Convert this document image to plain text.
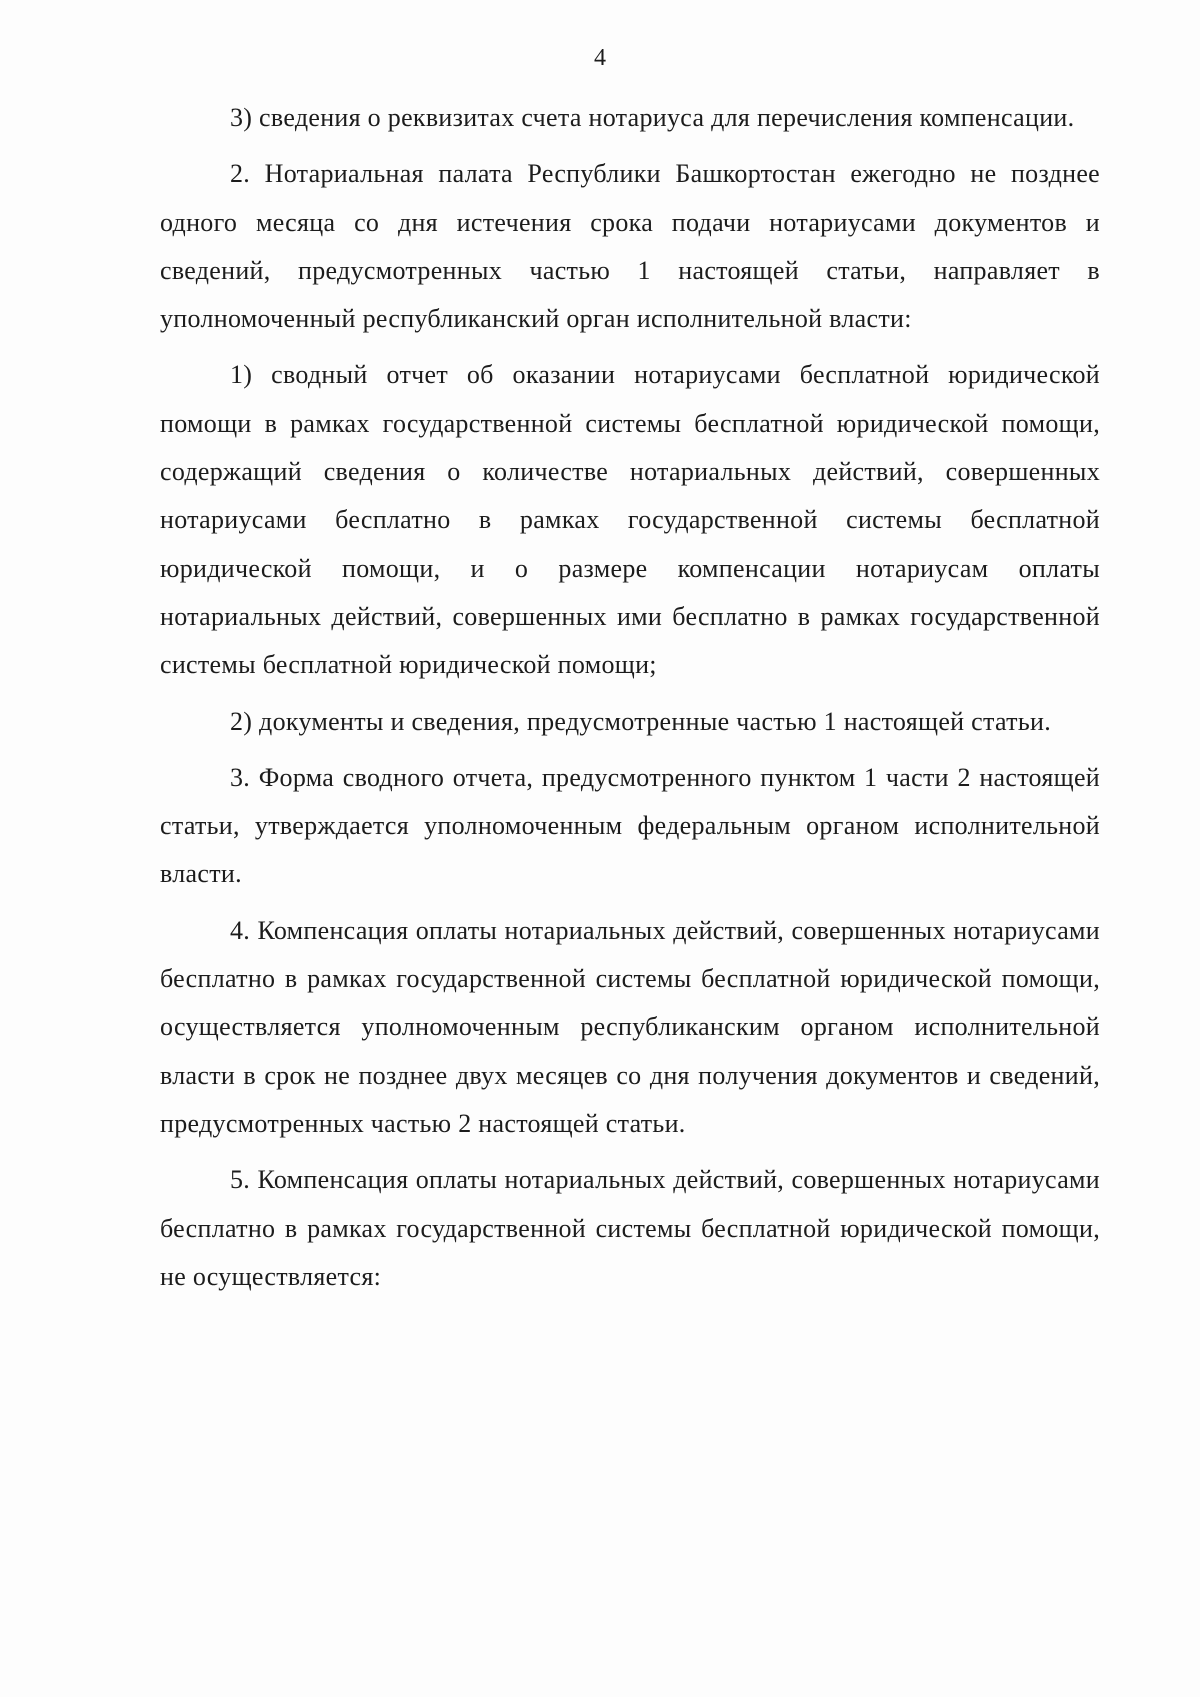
4

3) сведения о реквизитах счета нотариуса для перечисления компенсации.

2. Нотариальная палата Республики Башкортостан ежегодно не позднее одного месяца со дня истечения срока подачи нотариусами документов и сведений, предусмотренных частью 1 настоящей статьи, направляет в уполномоченный республиканский орган исполнительной власти:

1) сводный отчет об оказании нотариусами бесплатной юридической помощи в рамках государственной системы бесплатной юридической помощи, содержащий сведения о количестве нотариальных действий, совершенных нотариусами бесплатно в рамках государственной системы бесплатной юридической помощи, и о размере компенсации нотариусам оплаты нотариальных действий, совершенных ими бесплатно в рамках государственной системы бесплатной юридической помощи;

2) документы и сведения, предусмотренные частью 1 настоящей статьи.

3. Форма сводного отчета, предусмотренного пунктом 1 части 2 настоящей статьи, утверждается уполномоченным федеральным органом исполнительной власти.

4. Компенсация оплаты нотариальных действий, совершенных нотариусами бесплатно в рамках государственной системы бесплатной юридической помощи, осуществляется уполномоченным республиканским органом исполнительной власти в срок не позднее двух месяцев со дня получения документов и сведений, предусмотренных частью 2 настоящей статьи.

5. Компенсация оплаты нотариальных действий, совершенных нотариусами бесплатно в рамках государственной системы бесплатной юридической помощи, не осуществляется:
